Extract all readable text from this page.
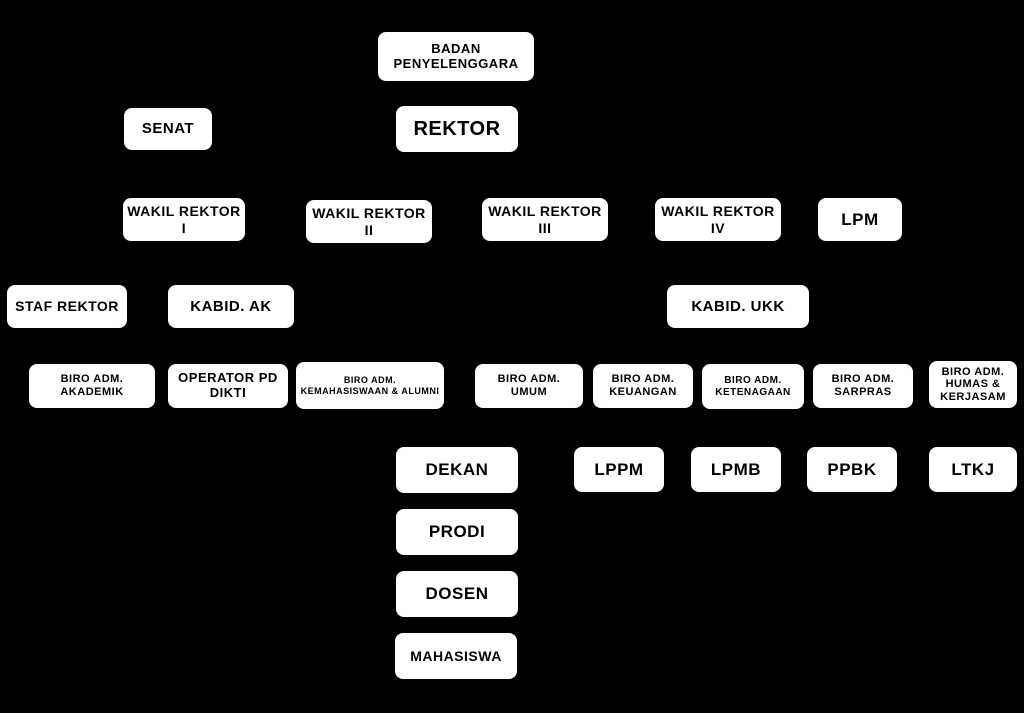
BADAN PENYELENGGARA
SENAT	REKTOR
WAKIL REKTOR I
WAKIL REKTOR II
WAKIL REKTOR III
WAKIL REKTOR IV	LPM
STAF REKTOR	KABID. AK	KABID. UKK
BIRO ADM. AKADEMIK
OPERATOR PD DIKTI
BIRO ADM. KEMAHASISWAAN & ALUMNI
BIRO ADM. UMUM
BIRO ADM. KEUANGAN
BIRO ADM. KETENAGAAN
BIRO ADM. SARPRAS
BIRO ADM. HUMAS & KERJASAM
DEKAN	LPPM	LPMB	PPBK	LTKJ
PRODI
DOSEN
MAHASISWA
